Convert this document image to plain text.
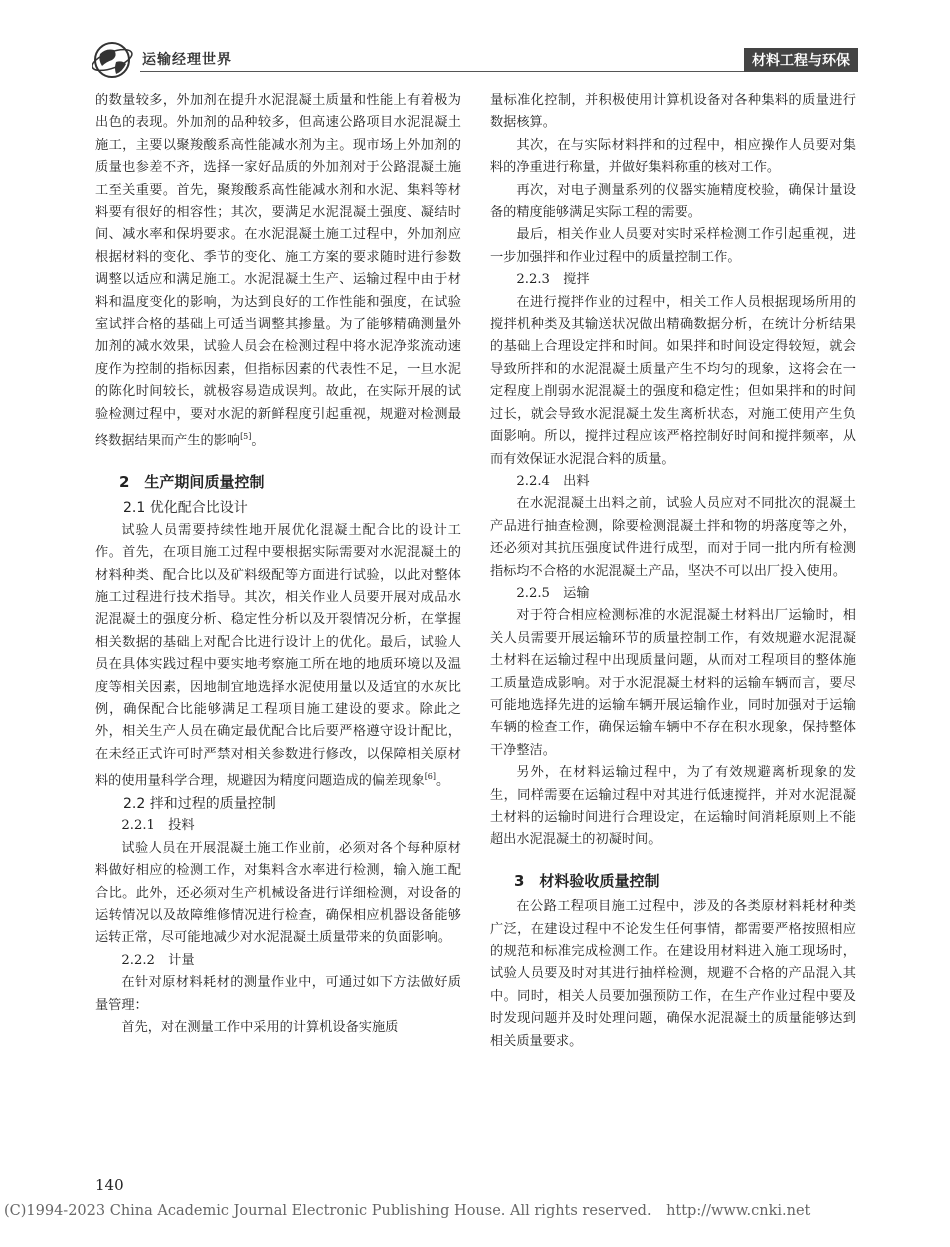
运输经理世界	材料工程与环保

的数量较多，外加剂在提升水泥混凝土质量和性能上有着极为出色的表现。外加剂的品种较多，但高速公路项目水泥混凝土施工，主要以聚羧酸系高性能减水剂为主。现市场上外加剂的质量也参差不齐，选择一家好品质的外加剂对于公路混凝土施工至关重要。首先，聚羧酸系高性能减水剂和水泥、集料等材料要有很好的相容性；其次，要满足水泥混凝土强度、凝结时间、减水率和保坍要求。在水泥混凝土施工过程中，外加剂应根据材料的变化、季节的变化、施工方案的要求随时进行参数调整以适应和满足施工。水泥混凝土生产、运输过程中由于材料和温度变化的影响，为达到良好的工作性能和强度，在试验室试拌合格的基础上可适当调整其掺量。为了能够精确测量外加剂的减水效果，试验人员会在检测过程中将水泥净浆流动速度作为控制的指标因素，但指标因素的代表性不足，一旦水泥的陈化时间较长，就极容易造成误判。故此，在实际开展的试验检测过程中，要对水泥的新鲜程度引起重视，规避对检测最终数据结果而产生的影响[5]。

2　生产期间质量控制
2.1 优化配合比设计

试验人员需要持续性地开展优化混凝土配合比的设计工作。首先，在项目施工过程中要根据实际需要对水泥混凝土的材料种类、配合比以及矿料级配等方面进行试验，以此对整体施工过程进行技术指导。其次，相关作业人员要开展对成品水泥混凝土的强度分析、稳定性分析以及开裂情况分析，在掌握相关数据的基础上对配合比进行设计上的优化。最后，试验人员在具体实践过程中要实地考察施工所在地的地质环境以及温度等相关因素，因地制宜地选择水泥使用量以及适宜的水灰比例，确保配合比能够满足工程项目施工建设的要求。除此之外，相关生产人员在确定最优配合比后要严格遵守设计配比，在未经正式许可时严禁对相关参数进行修改，以保障相关原材料的使用量科学合理，规避因为精度问题造成的偏差现象[6]。

2.2 拌和过程的质量控制
2.2.1　投料

试验人员在开展混凝土施工作业前，必须对各个每种原材料做好相应的检测工作，对集料含水率进行检测，输入施工配合比。此外，还必须对生产机械设备进行详细检测，对设备的运转情况以及故障维修情况进行检查，确保相应机器设备能够运转正常，尽可能地减少对水泥混凝土质量带来的负面影响。

2.2.2　计量

在针对原材料耗材的测量作业中，可通过如下方法做好质量管理：

首先，对在测量工作中采用的计算机设备实施质

量标准化控制，并积极使用计算机设备对各种集料的质量进行数据核算。

其次，在与实际材料拌和的过程中，相应操作人员要对集料的净重进行称量，并做好集料称重的核对工作。

再次，对电子测量系列的仪器实施精度校验，确保计量设备的精度能够满足实际工程的需要。

最后，相关作业人员要对实时采样检测工作引起重视，进一步加强拌和作业过程中的质量控制工作。

2.2.3　搅拌

在进行搅拌作业的过程中，相关工作人员根据现场所用的搅拌机种类及其输送状况做出精确数据分析，在统计分析结果的基础上合理设定拌和时间。如果拌和时间设定得较短，就会导致所拌和的水泥混凝土质量产生不均匀的现象，这将会在一定程度上削弱水泥混凝土的强度和稳定性；但如果拌和的时间过长，就会导致水泥混凝土发生离析状态，对施工使用产生负面影响。所以，搅拌过程应该严格控制好时间和搅拌频率，从而有效保证水泥混合料的质量。

2.2.4　出料

在水泥混凝土出料之前，试验人员应对不同批次的混凝土产品进行抽查检测，除要检测混凝土拌和物的坍落度等之外，还必须对其抗压强度试件进行成型，而对于同一批内所有检测指标均不合格的水泥混凝土产品，坚决不可以出厂投入使用。

2.2.5　运输

对于符合相应检测标准的水泥混凝土材料出厂运输时，相关人员需要开展运输环节的质量控制工作，有效规避水泥混凝土材料在运输过程中出现质量问题，从而对工程项目的整体施工质量造成影响。对于水泥混凝土材料的运输车辆而言，要尽可能地选择先进的运输车辆开展运输作业，同时加强对于运输车辆的检查工作，确保运输车辆中不存在积水现象，保持整体干净整洁。

另外，在材料运输过程中，为了有效规避离析现象的发生，同样需要在运输过程中对其进行低速搅拌，并对水泥混凝土材料的运输时间进行合理设定，在运输时间消耗原则上不能超出水泥混凝土的初凝时间。

3　材料验收质量控制

在公路工程项目施工过程中，涉及的各类原材料耗材种类广泛，在建设过程中不论发生任何事情，都需要严格按照相应的规范和标准完成检测工作。在建设用材料进入施工现场时，试验人员要及时对其进行抽样检测，规避不合格的产品混入其中。同时，相关人员要加强预防工作，在生产作业过程中要及时发现问题并及时处理问题，确保水泥混凝土的质量能够达到相关质量要求。

140
(C)1994-2023 China Academic Journal Electronic Publishing House. All rights reserved.　http://www.cnki.net
